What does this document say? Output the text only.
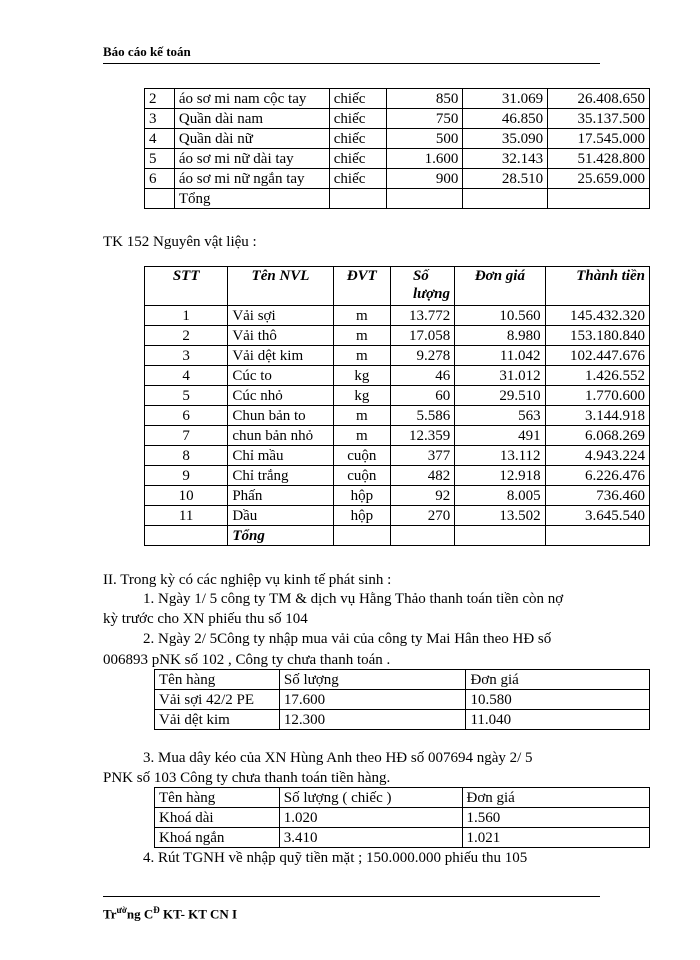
Báo cáo kế toán
2	áo sơ mi nam cộc tay	chiếc	850	31.069	26.408.650
3	Quần dài nam	chiếc	750	46.850	35.137.500
4	Quần dài nữ	chiếc	500	35.090	17.545.000
5	áo sơ mi nữ dài tay	chiếc	1.600	32.143	51.428.800
6	áo sơ mi nữ ngắn tay	chiếc	900	28.510	25.659.000
	Tổng				
TK 152 Nguyên vật liệu :
STT	Tên NVL	ĐVT	Số lượng	Đơn giá	Thành tiền
1	Vải sợi	m	13.772	10.560	145.432.320
2	Vải thô	m	17.058	8.980	153.180.840
3	Vải dệt kim	m	9.278	11.042	102.447.676
4	Cúc to	kg	46	31.012	1.426.552
5	Cúc nhỏ	kg	60	29.510	1.770.600
6	Chun bản to	m	5.586	563	3.144.918
7	chun bản nhỏ	m	12.359	491	6.068.269
8	Chỉ mầu	cuộn	377	13.112	4.943.224
9	Chỉ trắng	cuộn	482	12.918	6.226.476
10	Phấn	hộp	92	8.005	736.460
11	Dầu	hộp	270	13.502	3.645.540
	Tổng				
II. Trong kỳ có các nghiệp vụ kinh tế phát sinh :
1. Ngày 1/ 5 công ty TM & dịch vụ Hằng Thảo thanh toán tiền còn nợ
kỳ trước cho XN phiếu thu số 104
2. Ngày 2/ 5Công ty nhập mua vải của công ty Mai Hân theo HĐ số
006893 pNK số 102 , Công ty chưa thanh toán .
Tên hàng	Số lượng	Đơn giá
Vải sợi 42/2 PE	17.600	10.580
Vải dệt kim	12.300	11.040
3. Mua dây kéo của XN Hùng Anh theo HĐ số 007694 ngày 2/ 5
PNK số 103 Công ty chưa thanh toán tiền hàng.
Tên hàng	Số lượng ( chiếc )	Đơn giá
Khoá dài	1.020	1.560
Khoá ngắn	3.410	1.021
4. Rút TGNH về nhập quỹ tiền mặt ; 150.000.000 phiếu thu 105
$Tr^{ườ}ng$ $C^Đ$ KT- KT CN I
